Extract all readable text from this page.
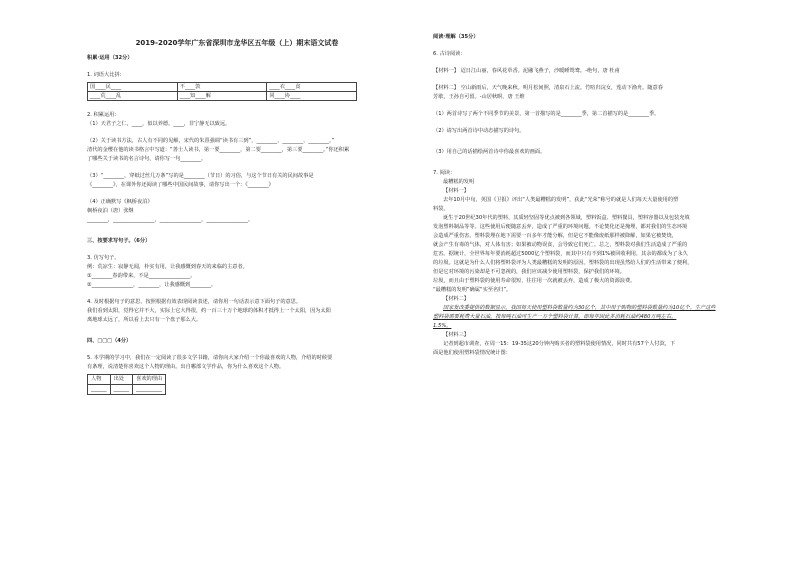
2019-2020学年广东省深圳市龙华区五年级（上）期末语文试卷

积累·运用（32分）

1. 词语大比拼：

国____民____	不____敦	____衣____食
____荒____乱	____知____解	同____协____

2. 积累运用：

（1）天君子之仁，____，似以养德。____，非宁静无以致远。

（2）关于读书方法，古人有不同的见解，宋代的朱熹强调“读书有三到”，________、________、________。”

清代的金缨在他的读书格言中写道：“善士人读书，第一要________，第二要________，第三要________。”你还积累

了哪些关于读书的名言诗句，请你写一句________。

（3）“________，穿纸过丝几万条”写的是________（节日）的习俗，与这个节日有关的民间故事是

《________》，在课外你还阅读了哪些中国民间故事，请你写出一个：《________》

（4）正确默写《枫桥夜泊》

枫桥夜泊（唐）张继

________，________________，________________，________________。

三、按要求写句子。（6分）

3. 仿写句子。

例：荒凉生：寂静无闻，朴实有用，让我感慨到春天的来临的主意者。

①________春韵带来，不是________________。

②________________，________，让我感慨到________。

4. 及时根据句子的意思，按照根据有效表现阅读表述，请你用一句话表示意下面句子的意思。

我们看到太阳，觉得它并不大，实际上它大得很，约一百三十万个地球的体积才抵得上一个太阳，因为太阳

离地球太远了，所以看上去只有一个盘子那么大。

四、□□□（4分）

5. 本学期的学习中，我们在一定阅读了很多文学书籍，请你向大家介绍一个你最喜欢的人物，介绍的时候要

有条理，说清楚你喜欢这个人物的理由。出自哪部文学作品，你为什么喜欢这个人物。

人物	出处	喜欢的理由
______	______	__________

阅读·理解（35分）

6. 古诗阅读：

【材料一】 迢日江山丽，春风花草香。泥融飞燕子，沙暖睡鸳鸯。-绝句，唐 杜甫

【材料二】 空山新雨后，天气晚来秋。明月松间照，清泉石上流。竹喧归浣女，莲动下渔舟。随意春

芳歇，王孙自可留。-山居秋暝，唐 王维

（1）两首诗写了两个不同季节的美景，第一首描写的是________季，第二首描写的是________季。

（2）请写出两首诗中动态描写的诗句。

（3）用自己的话描绘两首诗中你最喜欢的画面。

7. 阅读：

最糟糕的发明

【材料一】

去年10月中旬，英国《卫报》评出“人类最糟糕的发明”，获此“光荣”称号的就是人们每天大量使用的塑

料袋。

诞生于20世纪30年代的塑料，其质轻坚固等优点被到各领域，塑料饭盒、塑料餐具，塑料容器以及包装充填

发泡塑料制品等等。这些使用后便随意丢弃，造成了严重的环境问题。不论焚化还是掩埋，都对我们的生态环境

会造成严重伤害。塑料袋埋在地下需要一百多年才能分解，但是它不能像废纸那样被降解，如果它被焚烧，

就会产生有毒的气体，对人体有害；如果被动物误食，会导致它们死亡。总之，塑料袋对我们生活造成了严重的

危害。据统计，全世界每年要消耗超过5000亿个塑料袋，而其中只有不到1%被回收利用，其余的都成为了永久

的垃圾。这就是为什么人们将塑料袋评为人类最糟糕的发明的原因。塑料袋的出现虽然给人们的生活带来了便利，

但是它对环境的污染却是不可忽视的，我们应该减少使用塑料袋，保护我们的环境。

垃圾，而且由于塑料袋的使用寿命很短，往往用一次就被丢弃，造成了极大的资源浪费。

“最糟糕的发明”确属“实至名归”。

【材料二】

国家发改委提供的数据显示，我国每天使用塑料袋数量约为30亿个，其中用于购物的塑料袋数量约为10亿个。生产这些

塑料袋需要耗费大量石油，按每吨石油可生产一万个塑料袋计算，即每年因此多消耗石油约480万吨左右。

1.5%。

【材料三】

记者到超市调查，在周一15：19-35这20分钟内购买者的塑料袋使用情况，同时共有57个人付款，下

面是他们使用塑料袋情况统计图：
